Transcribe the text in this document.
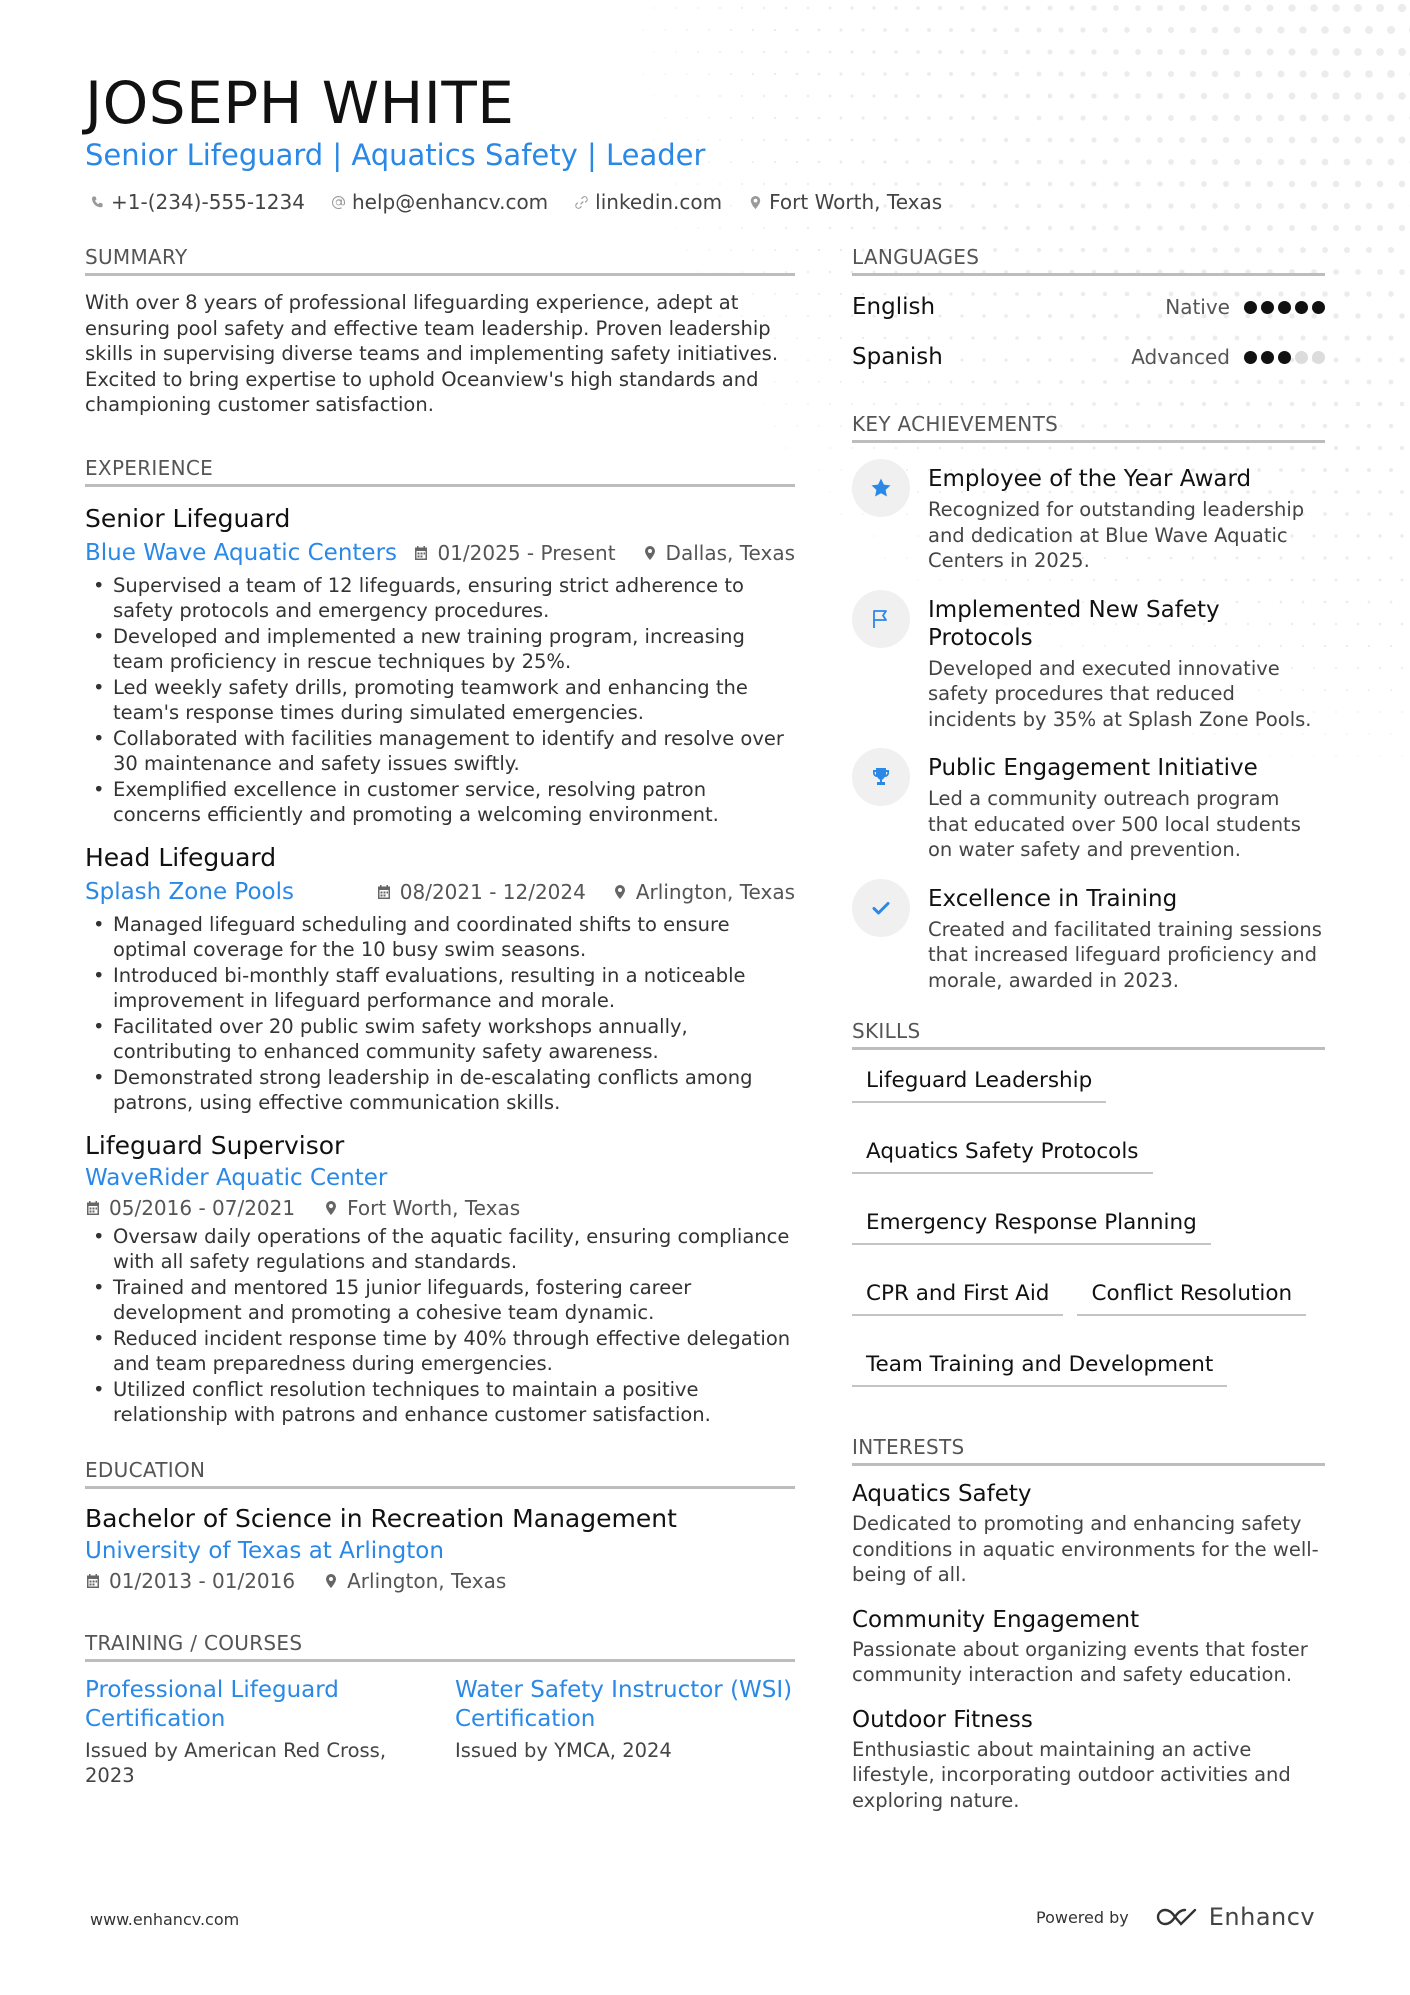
JOSEPH WHITE
Senior Lifeguard | Aquatics Safety | Leader
+1-(234)-555-1234 help@enhancv.com linkedin.com Fort Worth, Texas
SUMMARY

With over 8 years of professional lifeguarding experience, adept at ensuring pool safety and effective team leadership. Proven leadership skills in supervising diverse teams and implementing safety initiatives. Excited to bring expertise to uphold Oceanview's high standards and championing customer satisfaction.

EXPERIENCE
Senior Lifeguard
Blue Wave Aquatic Centers 01/2025 - Present	Dallas, Texas
• Supervised a team of 12 lifeguards, ensuring strict adherence to safety protocols and emergency procedures.
• Developed and implemented a new training program, increasing team proficiency in rescue techniques by 25%.
• Led weekly safety drills, promoting teamwork and enhancing the team's response times during simulated emergencies.
• Collaborated with facilities management to identify and resolve over 30 maintenance and safety issues swiftly.
• Exemplified excellence in customer service, resolving patron concerns efficiently and promoting a welcoming environment.
Head Lifeguard
Splash Zone Pools	08/2021 - 12/2024	Arlington, Texas
• Managed lifeguard scheduling and coordinated shifts to ensure optimal coverage for the 10 busy swim seasons.
• Introduced bi-monthly staff evaluations, resulting in a noticeable improvement in lifeguard performance and morale.
• Facilitated over 20 public swim safety workshops annually, contributing to enhanced community safety awareness.
• Demonstrated strong leadership in de-escalating conflicts among patrons, using effective communication skills.
Lifeguard Supervisor
WaveRider Aquatic Center
05/2016 - 07/2021	Fort Worth, Texas
• Oversaw daily operations of the aquatic facility, ensuring compliance with all safety regulations and standards.
• Trained and mentored 15 junior lifeguards, fostering career development and promoting a cohesive team dynamic.
• Reduced incident response time by 40% through effective delegation and team preparedness during emergencies.
• Utilized conflict resolution techniques to maintain a positive relationship with patrons and enhance customer satisfaction.
EDUCATION
Bachelor of Science in Recreation Management
University of Texas at Arlington
01/2013 - 01/2016	Arlington, Texas
TRAINING / COURSES
Professional Lifeguard Certification
Issued by American Red Cross, 2023
Water Safety Instructor (WSI) Certification
Issued by YMCA, 2024
LANGUAGES
English	Native
Spanish	Advanced
KEY ACHIEVEMENTS
Employee of the Year Award
Recognized for outstanding leadership and dedication at Blue Wave Aquatic Centers in 2025.
Implemented New Safety Protocols
Developed and executed innovative safety procedures that reduced incidents by 35% at Splash Zone Pools.
Public Engagement Initiative
Led a community outreach program that educated over 500 local students on water safety and prevention.
Excellence in Training
Created and facilitated training sessions that increased lifeguard proficiency and morale, awarded in 2023.
SKILLS
Lifeguard Leadership
Aquatics Safety Protocols
Emergency Response Planning
CPR and First Aid	Conflict Resolution
Team Training and Development
INTERESTS
Aquatics Safety
Dedicated to promoting and enhancing safety conditions in aquatic environments for the well-being of all.
Community Engagement
Passionate about organizing events that foster community interaction and safety education.
Outdoor Fitness
Enthusiastic about maintaining an active lifestyle, incorporating outdoor activities and exploring nature.
www.enhancv.com	Powered by	Enhancv
